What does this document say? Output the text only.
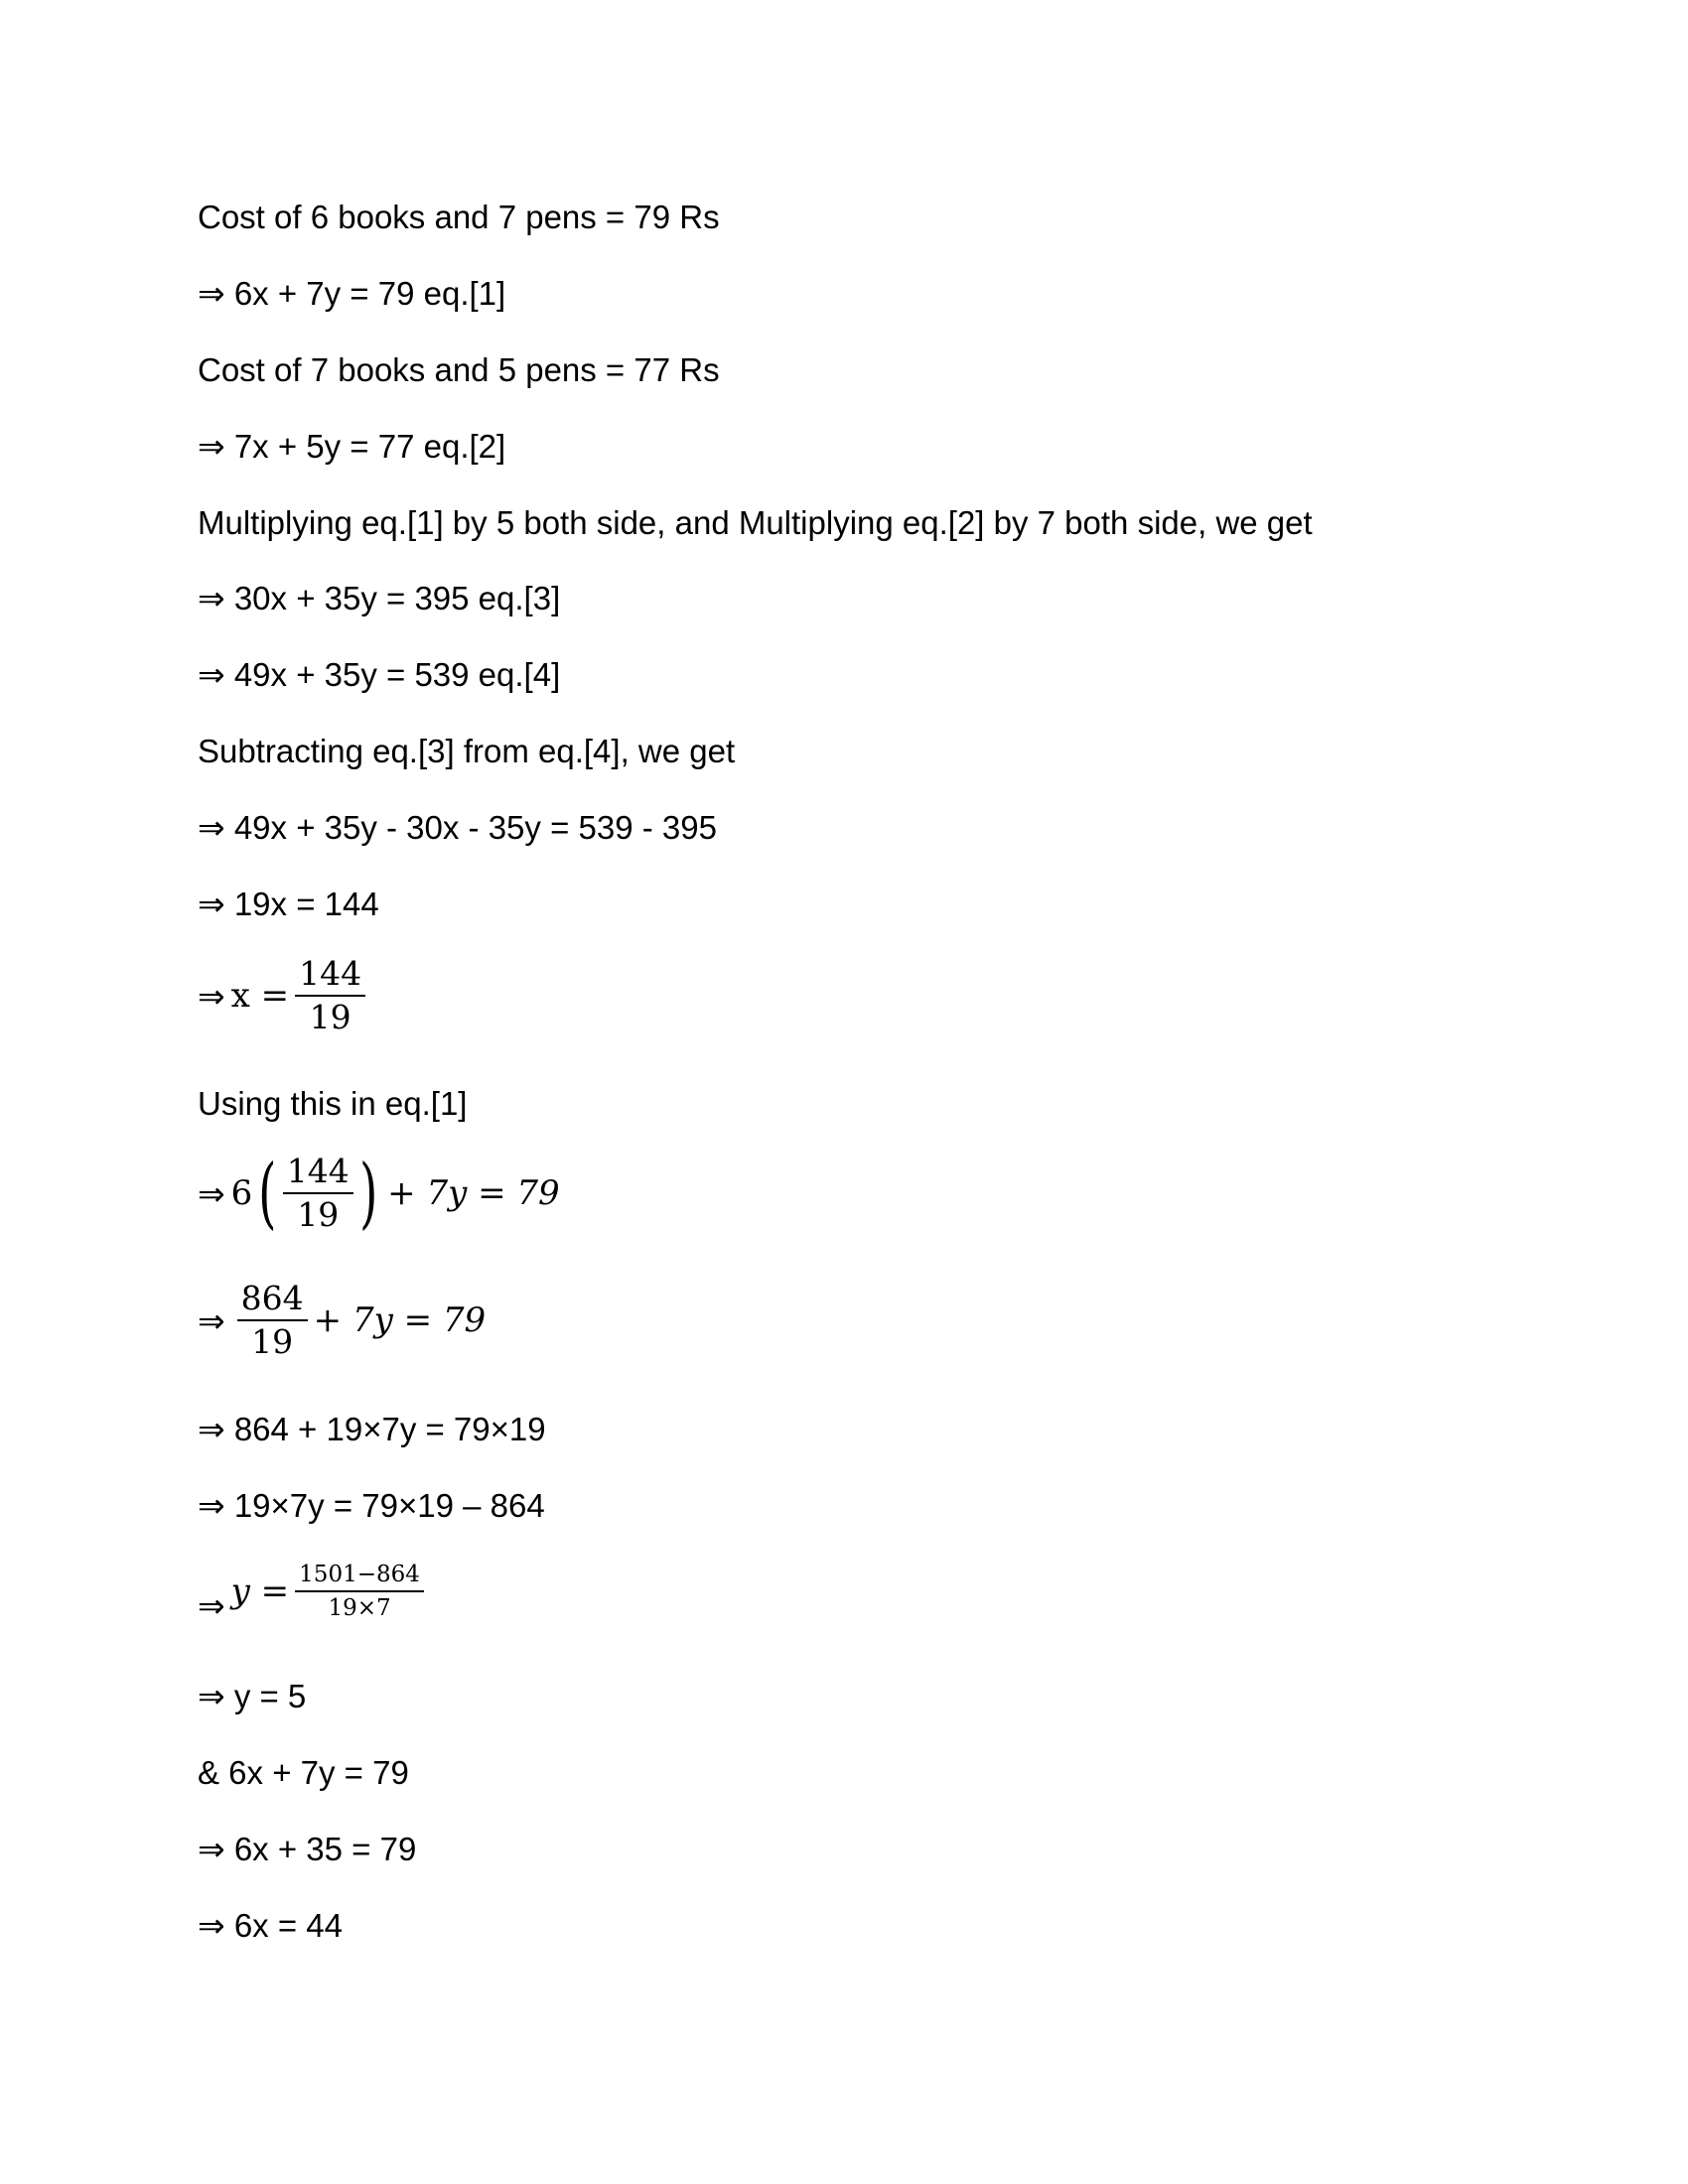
Cost of 6 books and 7 pens = 79 Rs
⇒ 6x + 7y = 79 eq.[1]
Cost of 7 books and 5 pens = 77 Rs
⇒ 7x + 5y = 77 eq.[2]
Multiplying eq.[1] by 5 both side, and Multiplying eq.[2] by 7 both side, we get
⇒ 30x + 35y = 395 eq.[3]
⇒ 49x + 35y = 539 eq.[4]
Subtracting eq.[3] from eq.[4], we get
⇒ 49x + 35y - 30x - 35y = 539 - 395
⇒ 19x = 144
⇒ $x = \frac{144}{19}$
Using this in eq.[1]
⇒ 6 ( $\frac{144}{19}$ ) + 7y = 79
⇒ $\frac{864}{19} + 7y = 79$
⇒ 864 + 19×7y = 79×19
⇒ 19×7y = 79×19 – 864
⇒ $y = \frac{1501-864}{19\times 7}$
⇒ y = 5
& 6x + 7y = 79
⇒ 6x + 35 = 79
⇒ 6x = 44
